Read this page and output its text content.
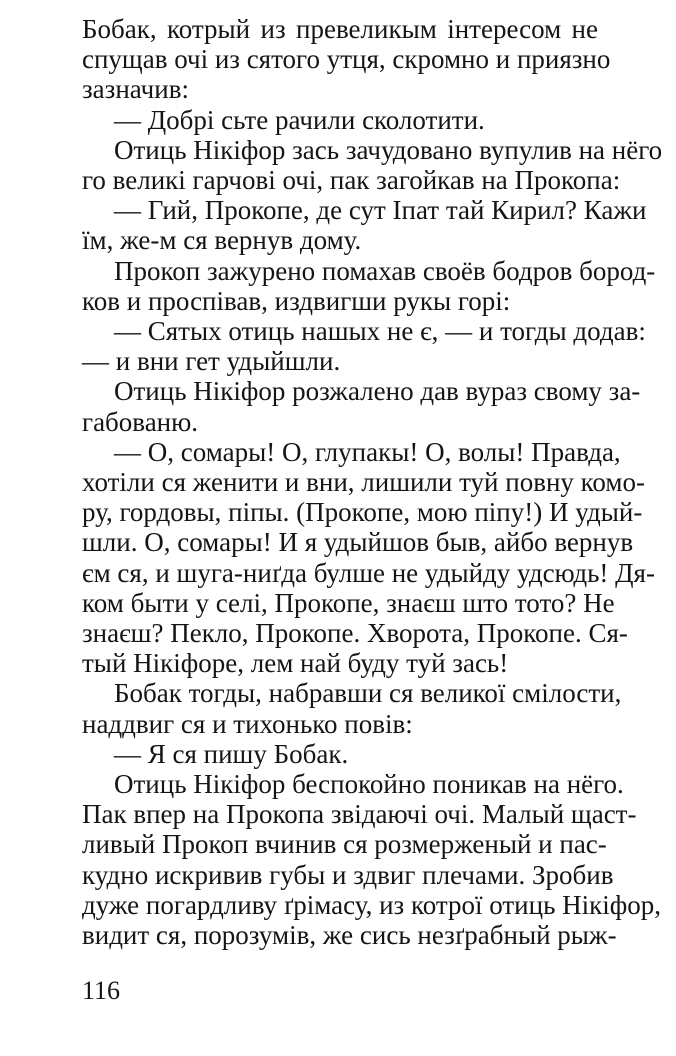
Бобак, котрый из превеликым інтересом не
спущав очі из сятого утця, скромно и приязно
зазначив:
— Добрі сьте рачили сколотити.
Отиць Нікіфор зась зачудовано вупулив на нёго
го великі гарчові очі, пак загойкав на Прокопа:
— Гий, Прокопе, де сут Іпат тай Кирил? Кажи
їм, же-м ся вернув дому.
Прокоп зажурено помахав своёв бодров бород-
ков и проспівав, издвигши рукы горі:
— Сятых отиць нашых не є, — и тогды додав:
— и вни гет удыйшли.
Отиць Нікіфор розжалено дав вураз свому за-
габованю.
— О, сомары! О, глупакы! О, волы! Правда,
хотіли ся женити и вни, лишили туй повну комо-
ру, гордовы, піпы. (Прокопе, мою піпу!) И удый-
шли. О, сомары! И я удыйшов быв, айбо вернув
єм ся, и шуга-ниґда булше не удыйду удсюдь! Дя-
ком быти у селі, Прокопе, знаєш што тото? Не
знаєш? Пекло, Прокопе. Хворота, Прокопе. Ся-
тый Нікіфоре, лем най буду туй зась!
Бобак тогды, набравши ся великої смілости,
наддвиг ся и тихонько повів:
— Я ся пишу Бобак.
Отиць Нікіфор беспокойно поникав на нёго.
Пак впер на Прокопа звідаючі очі. Малый щаст-
ливый Прокоп вчинив ся розмерженый и пас-
кудно искривив губы и здвиг плечами. Зробив
дуже погардливу ґрімасу, из котрої отиць Нікіфор,
видит ся, порозумів, же сись незґрабный рыж-
116
